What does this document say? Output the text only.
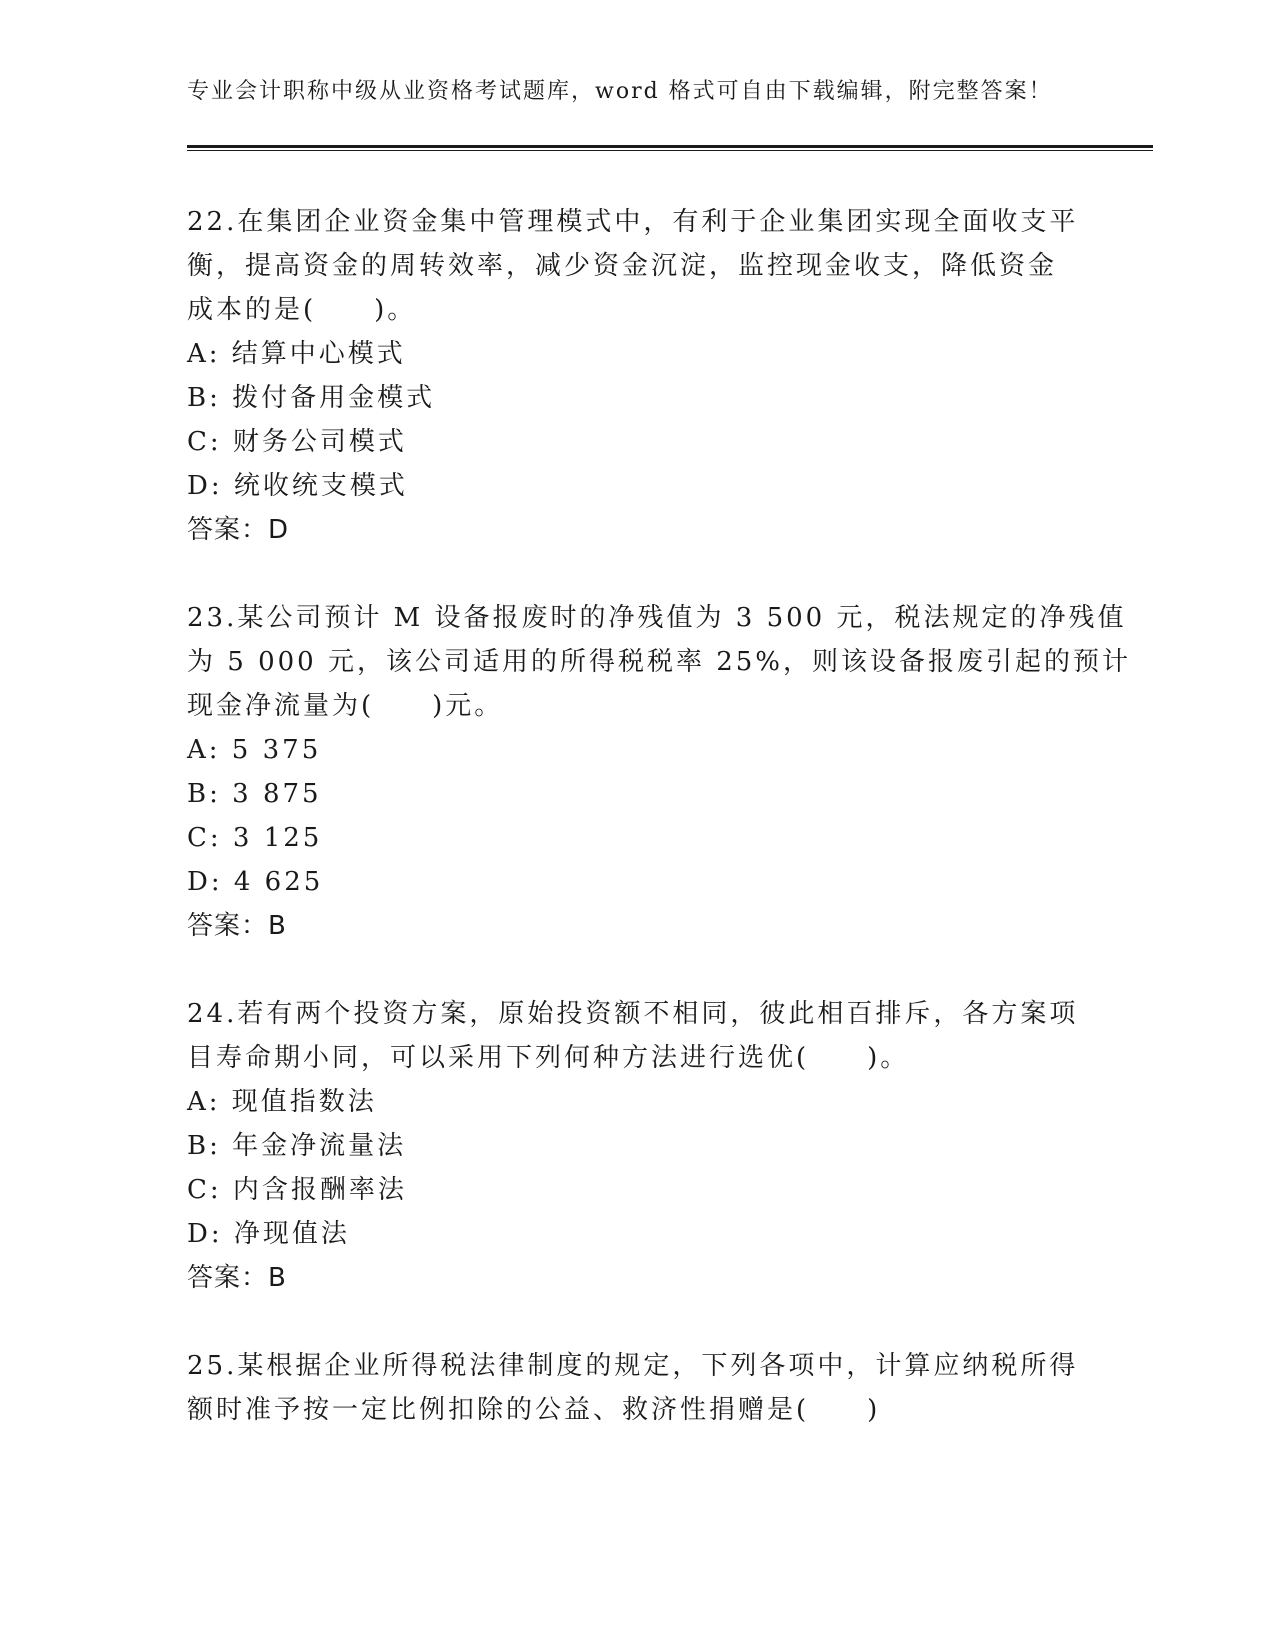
专业会计职称中级从业资格考试题库，word 格式可自由下载编辑，附完整答案！
22.在集团企业资金集中管理模式中，有利于企业集团实现全面收支平
衡，提高资金的周转效率，减少资金沉淀，监控现金收支，降低资金
成本的是(　　)。
A: 结算中心模式
B: 拨付备用金模式
C: 财务公司模式
D: 统收统支模式
答案：D
23.某公司预计 M 设备报废时的净残值为 3 500 元，税法规定的净残值
为 5 000 元，该公司适用的所得税税率 25%，则该设备报废引起的预计
现金净流量为(　　)元。
A: 5 375
B: 3 875
C: 3 125
D: 4 625
答案：B
24.若有两个投资方案，原始投资额不相同，彼此相百排斥，各方案项
目寿命期小同，可以采用下列何种方法进行选优(　　)。
A: 现值指数法
B: 年金净流量法
C: 内含报酬率法
D: 净现值法
答案：B
25.某根据企业所得税法律制度的规定，下列各项中，计算应纳税所得
额时准予按一定比例扣除的公益、救济性捐赠是(　　)
